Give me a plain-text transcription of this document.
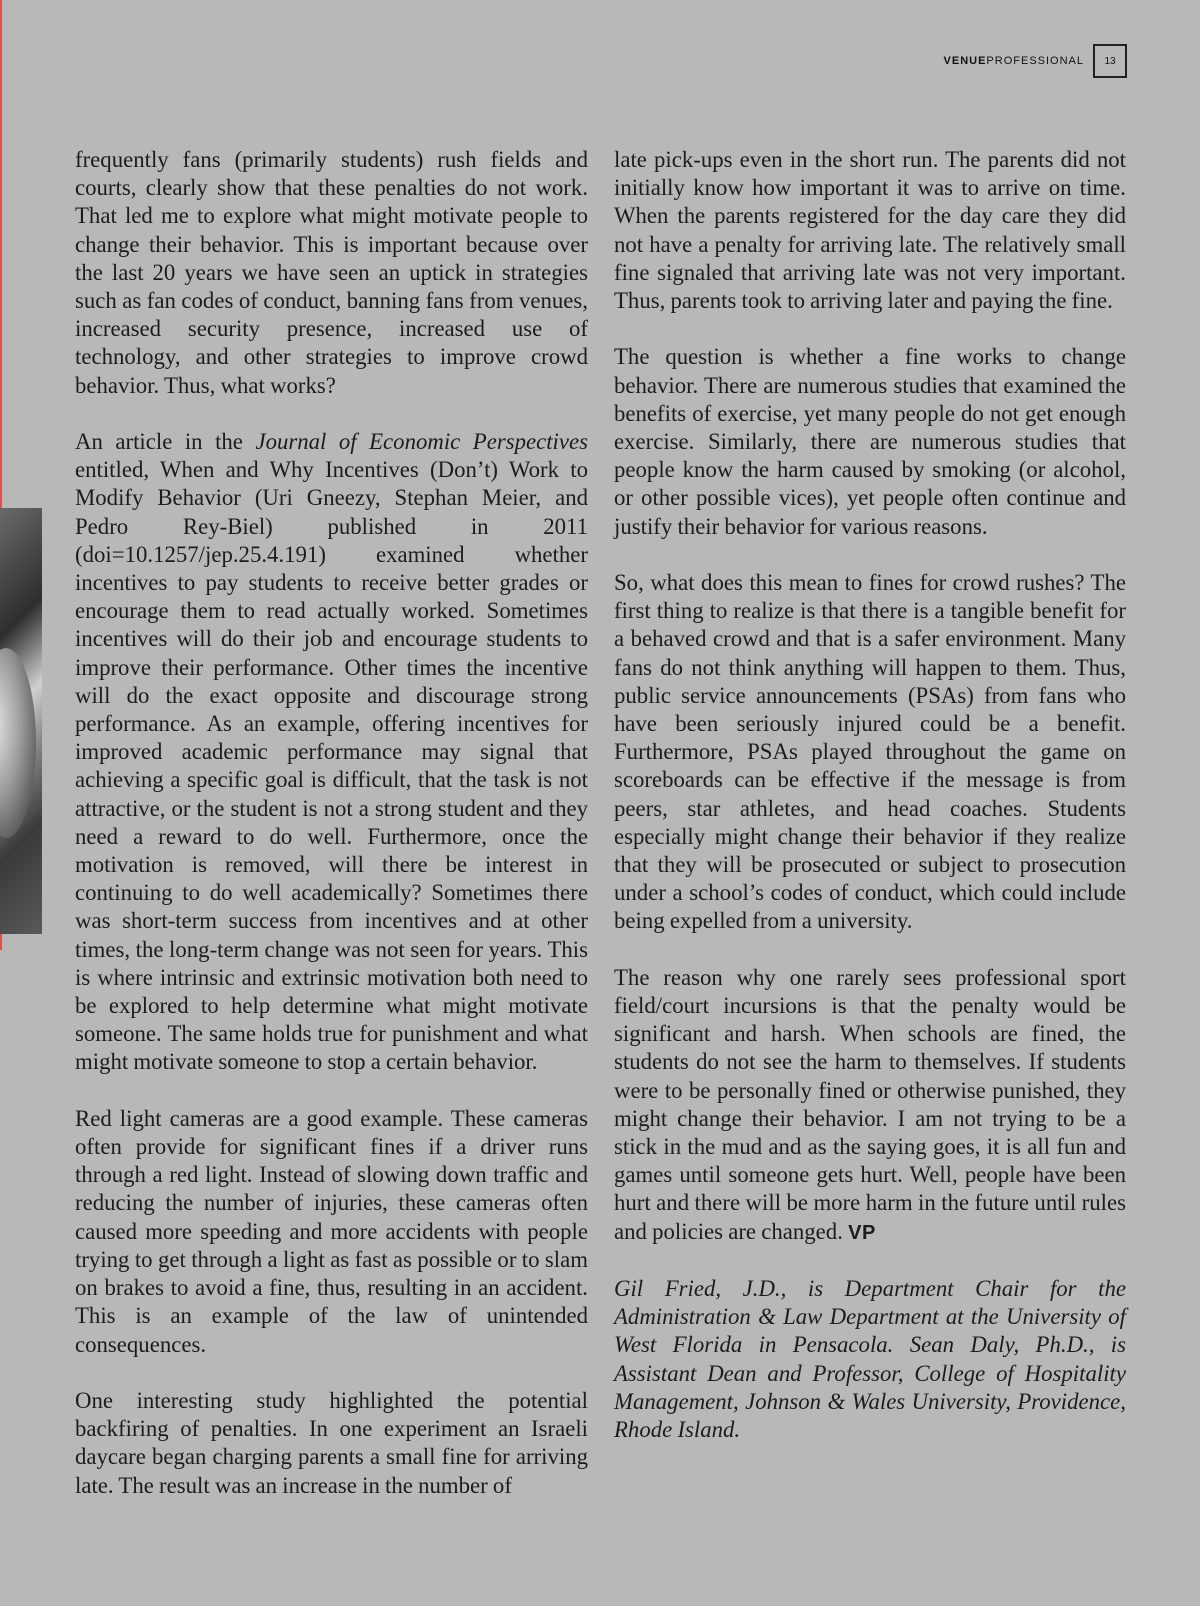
VENUEPROFESSIONAL	13

frequently fans (primarily students) rush fields and courts, clearly show that these penalties do not work. That led me to explore what might motivate people to change their behavior. This is important because over the last 20 years we have seen an uptick in strategies such as fan codes of conduct, banning fans from venues, increased security presence, increased use of technology, and other strategies to improve crowd behavior. Thus, what works?

An article in the Journal of Economic Perspectives entitled, When and Why Incentives (Don’t) Work to Modify Behavior (Uri Gneezy, Stephan Meier, and Pedro Rey-Biel) published in 2011 (doi=10.1257/jep.25.4.191) examined whether incentives to pay students to receive better grades or encourage them to read actually worked. Sometimes incentives will do their job and encourage students to improve their performance. Other times the incentive will do the exact opposite and discourage strong performance. As an example, offering incentives for improved academic performance may signal that achieving a specific goal is difficult, that the task is not attractive, or the student is not a strong student and they need a reward to do well. Furthermore, once the motivation is removed, will there be interest in continuing to do well academically? Sometimes there was short-term success from incentives and at other times, the long-term change was not seen for years. This is where intrinsic and extrinsic motivation both need to be explored to help determine what might motivate someone. The same holds true for punishment and what might motivate someone to stop a certain behavior.

Red light cameras are a good example. These cameras often provide for significant fines if a driver runs through a red light. Instead of slowing down traffic and reducing the number of injuries, these cameras often caused more speeding and more accidents with people trying to get through a light as fast as possible or to slam on brakes to avoid a fine, thus, resulting in an accident. This is an example of the law of unintended consequences.

One interesting study highlighted the potential backfiring of penalties. In one experiment an Israeli daycare began charging parents a small fine for arriving late. The result was an increase in the number of

late pick-ups even in the short run. The parents did not initially know how important it was to arrive on time. When the parents registered for the day care they did not have a penalty for arriving late. The relatively small fine signaled that arriving late was not very important. Thus, parents took to arriving later and paying the fine.

The question is whether a fine works to change behavior. There are numerous studies that examined the benefits of exercise, yet many people do not get enough exercise. Similarly, there are numerous studies that people know the harm caused by smoking (or alcohol, or other possible vices), yet people often continue and justify their behavior for various reasons.

So, what does this mean to fines for crowd rushes? The first thing to realize is that there is a tangible benefit for a behaved crowd and that is a safer environment. Many fans do not think anything will happen to them. Thus, public service announcements (PSAs) from fans who have been seriously injured could be a benefit. Furthermore, PSAs played throughout the game on scoreboards can be effective if the message is from peers, star athletes, and head coaches. Students especially might change their behavior if they realize that they will be prosecuted or subject to prosecution under a school’s codes of conduct, which could include being expelled from a university.

The reason why one rarely sees professional sport field/court incursions is that the penalty would be significant and harsh. When schools are fined, the students do not see the harm to themselves. If students were to be personally fined or otherwise punished, they might change their behavior. I am not trying to be a stick in the mud and as the saying goes, it is all fun and games until someone gets hurt. Well, people have been hurt and there will be more harm in the future until rules and policies are changed. VP

Gil Fried, J.D., is Department Chair for the Administration & Law Department at the University of West Florida in Pensacola. Sean Daly, Ph.D., is Assistant Dean and Professor, College of Hospitality Management, Johnson & Wales University, Providence, Rhode Island.
